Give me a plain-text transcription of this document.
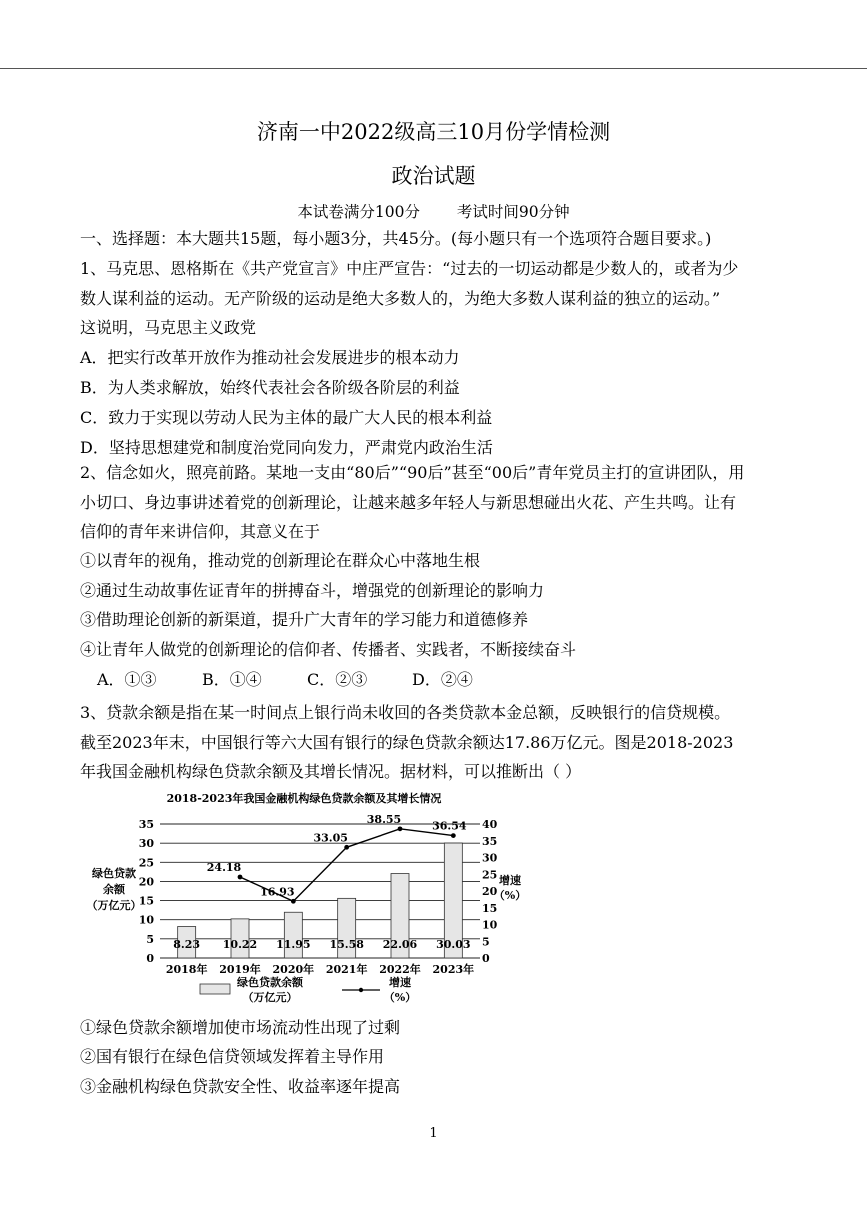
济南一中2022级高三10月份学情检测
政治试题
本试卷满分100分 考试时间90分钟
一、选择题：本大题共15题，每小题3分，共45分。(每小题只有一个选项符合题目要求。)
1、马克思、恩格斯在《共产党宣言》中庄严宣告：“过去的一切运动都是少数人的，或者为少
数人谋利益的运动。无产阶级的运动是绝大多数人的，为绝大多数人谋利益的独立的运动。”
这说明，马克思主义政党
A．把实行改革开放作为推动社会发展进步的根本动力
B．为人类求解放，始终代表社会各阶级各阶层的利益
C．致力于实现以劳动人民为主体的最广大人民的根本利益
D．坚持思想建党和制度治党同向发力，严肃党内政治生活
2、信念如火，照亮前路。某地一支由“80后”“90后”甚至“00后”青年党员主打的宣讲团队，用
小切口、身边事讲述着党的创新理论，让越来越多年轻人与新思想碰出火花、产生共鸣。让有
信仰的青年来讲信仰，其意义在于
①以青年的视角，推动党的创新理论在群众心中落地生根
②通过生动故事佐证青年的拼搏奋斗，增强党的创新理论的影响力
③借助理论创新的新渠道，提升广大青年的学习能力和道德修养
④让青年人做党的创新理论的信仰者、传播者、实践者，不断接续奋斗
A．①③	B．①④	C．②③	D．②④
3、贷款余额是指在某一时间点上银行尚未收回的各类贷款本金总额，反映银行的信贷规模。
截至2023年末，中国银行等六大国有银行的绿色贷款余额达17.86万亿元。图是2018-2023
年我国金融机构绿色贷款余额及其增长情况。据材料，可以推断出（ ）
2018-2023年我国金融机构绿色贷款余额及其增长情况
0
5
10
15
20
25
30
35
0
5
10
15
20
25
30
35
40
8.23
2018年
10.22
2019年
11.95
2020年
15.58
2021年
22.06
2022年
30.03
2023年
24.18
16.93
33.05
38.55
36.54
绿色贷款
余额
（万亿元）
增速
（%）
绿色贷款余额
（万亿元）
增速
（%）
①绿色贷款余额增加使市场流动性出现了过剩
②国有银行在绿色信贷领域发挥着主导作用
③金融机构绿色贷款安全性、收益率逐年提高
1
